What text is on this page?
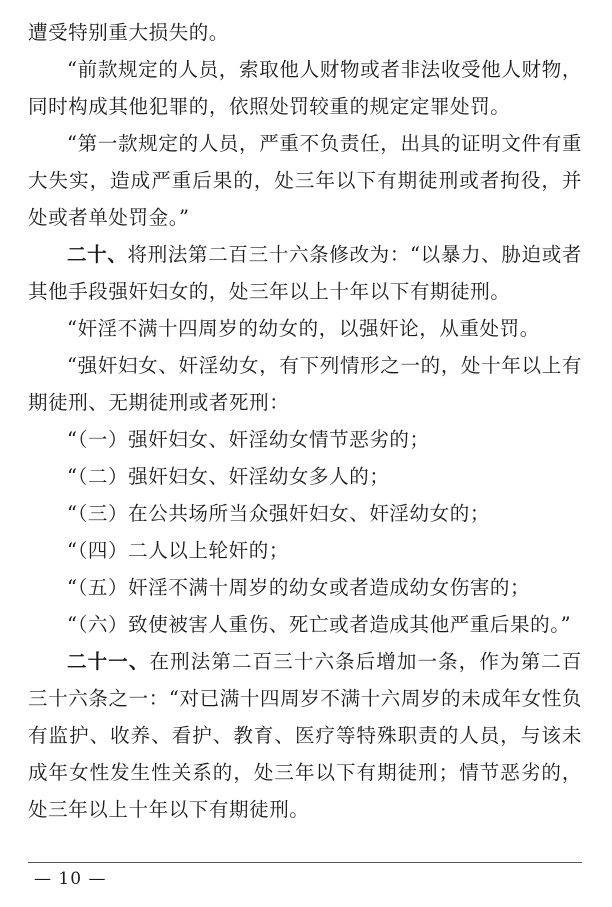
遭受特别重大损失的。

“前款规定的人员，索取他人财物或者非法收受他人财物，同时构成其他犯罪的，依照处罚较重的规定定罪处罚。

“第一款规定的人员，严重不负责任，出具的证明文件有重大失实，造成严重后果的，处三年以下有期徒刑或者拘役，并处或者单处罚金。”

二十、将刑法第二百三十六条修改为：“以暴力、胁迫或者其他手段强奸妇女的，处三年以上十年以下有期徒刑。

“奸淫不满十四周岁的幼女的，以强奸论，从重处罚。

“强奸妇女、奸淫幼女，有下列情形之一的，处十年以上有期徒刑、无期徒刑或者死刑：

“（一）强奸妇女、奸淫幼女情节恶劣的；

“（二）强奸妇女、奸淫幼女多人的；

“（三）在公共场所当众强奸妇女、奸淫幼女的；

“（四）二人以上轮奸的；

“（五）奸淫不满十周岁的幼女或者造成幼女伤害的；

“（六）致使被害人重伤、死亡或者造成其他严重后果的。”

二十一、在刑法第二百三十六条后增加一条，作为第二百三十六条之一：“对已满十四周岁不满十六周岁的未成年女性负有监护、收养、看护、教育、医疗等特殊职责的人员，与该未成年女性发生性关系的，处三年以下有期徒刑；情节恶劣的，处三年以上十年以下有期徒刑。

— 10 —
